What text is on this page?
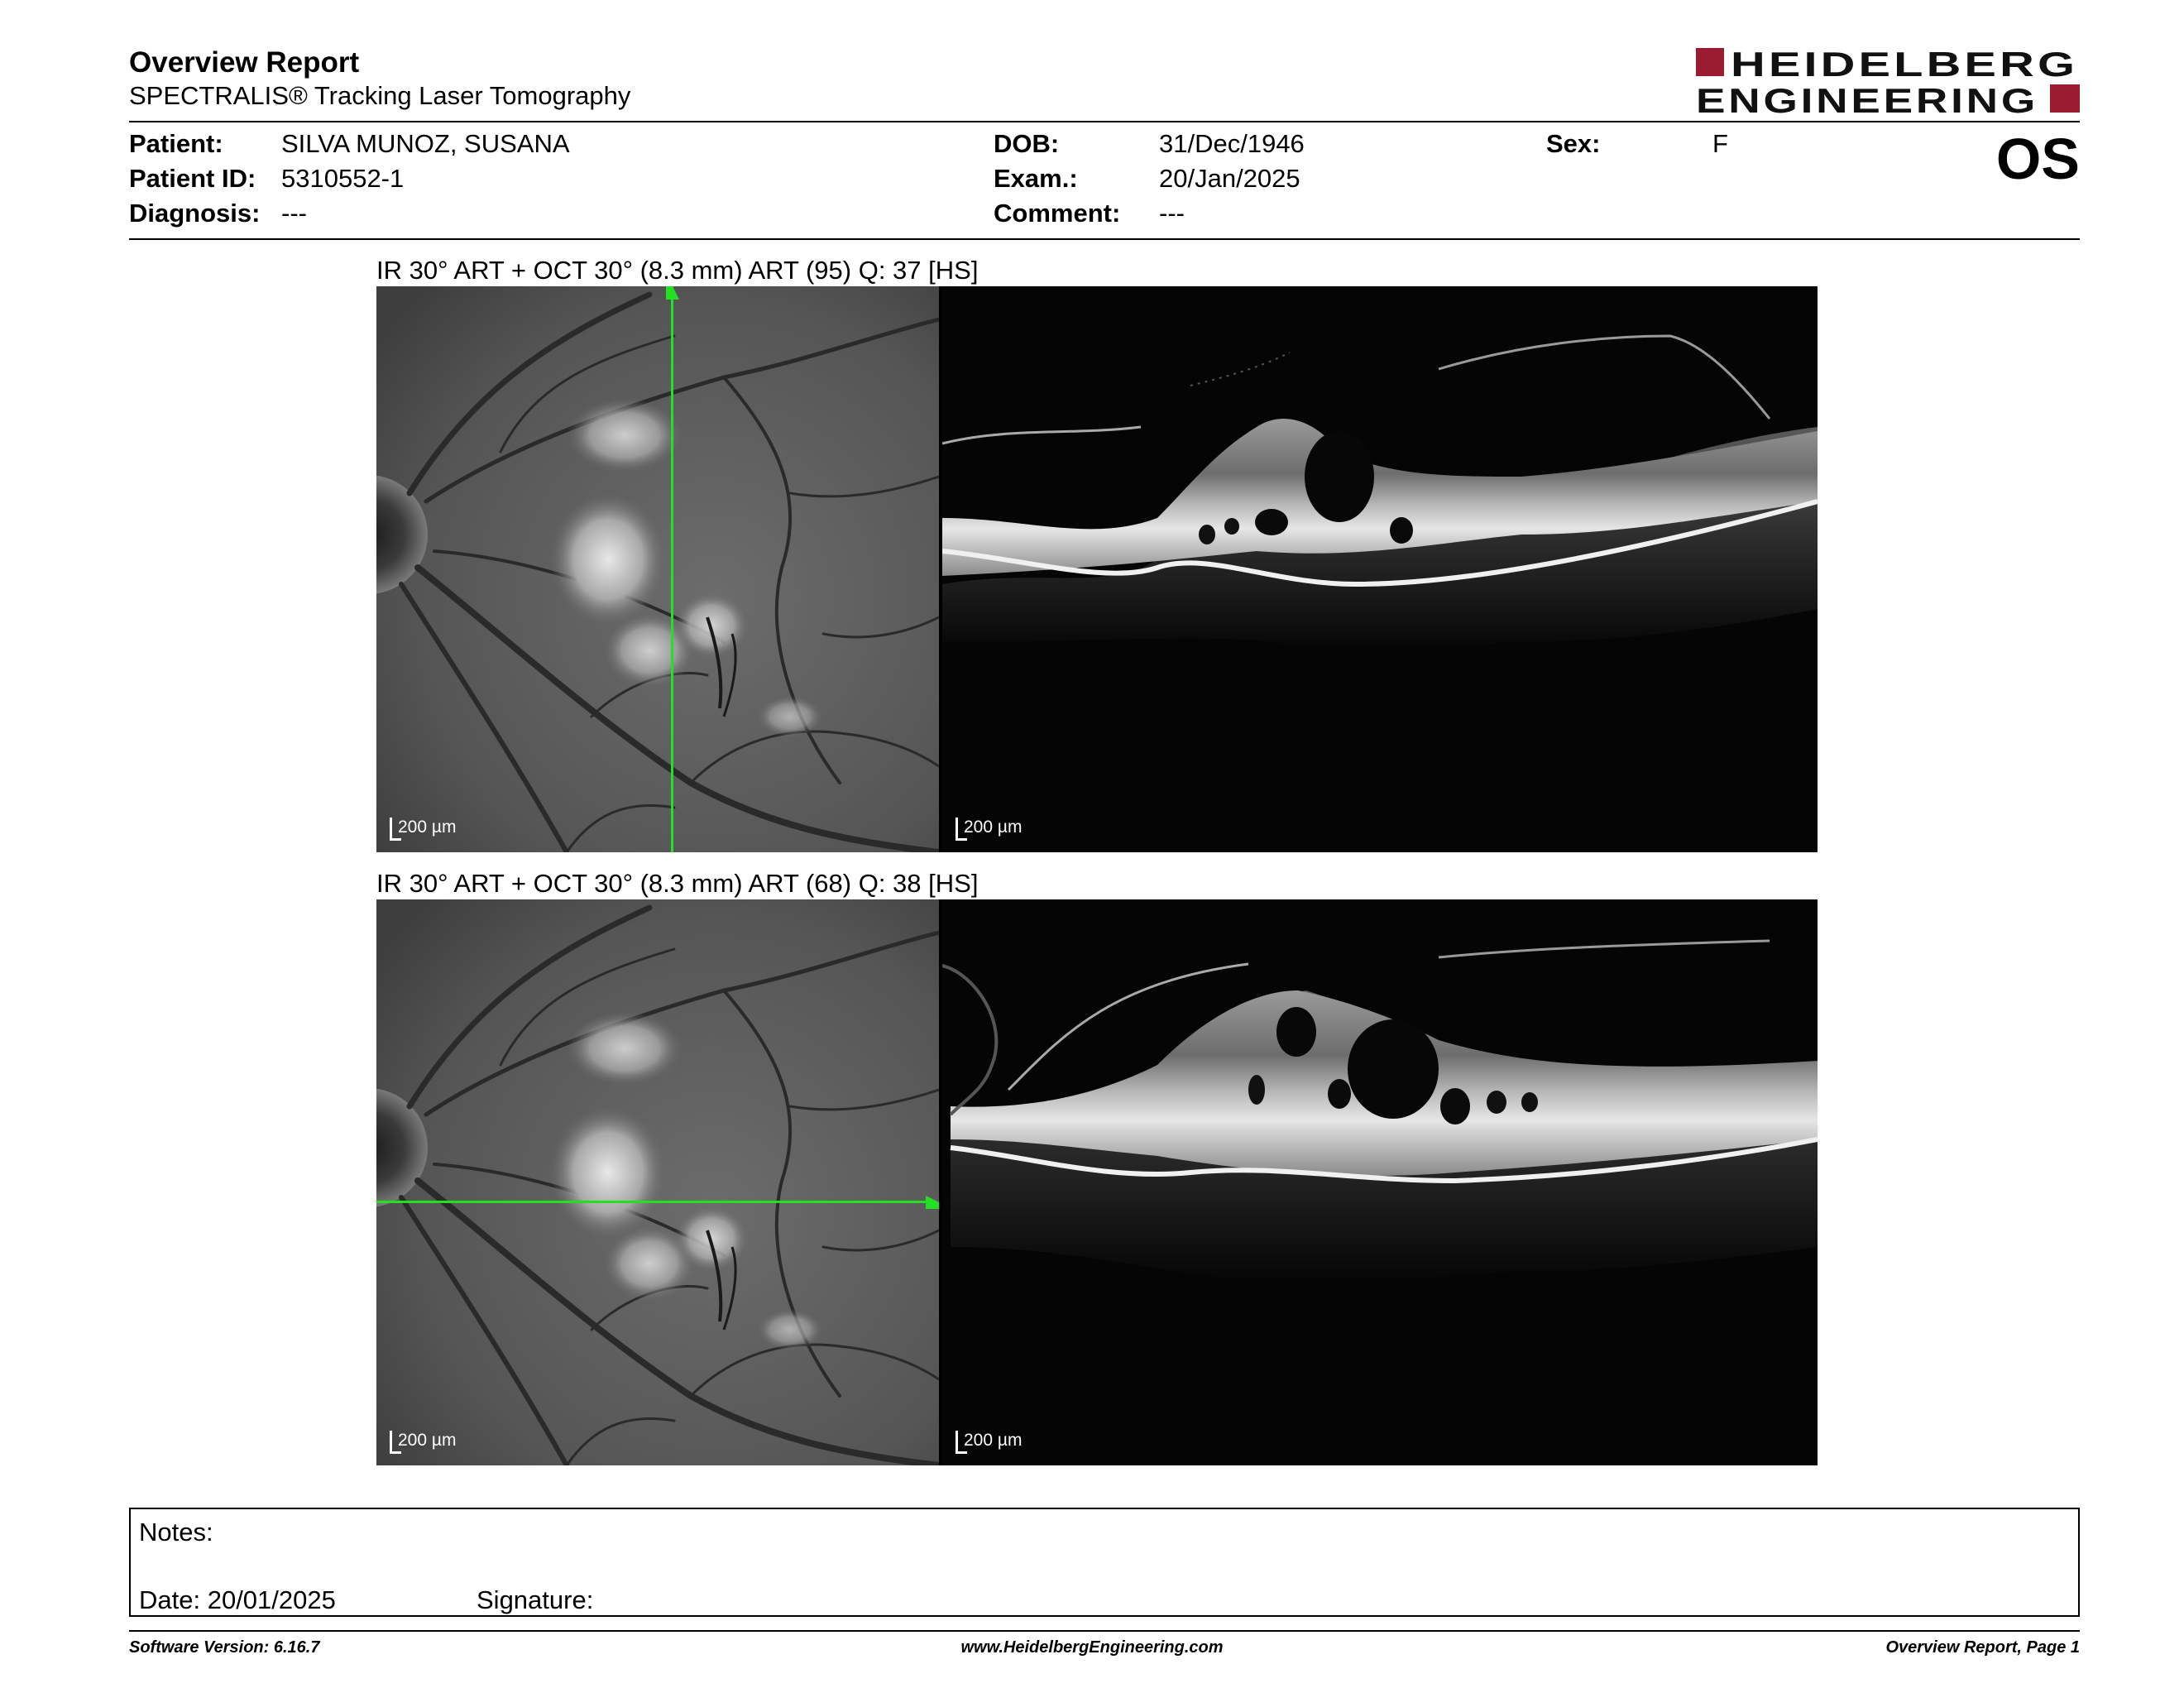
Overview Report
SPECTRALIS® Tracking Laser Tomography
HEIDELBERG
ENGINEERING
Patient: SILVA MUNOZ, SUSANA
Patient ID: 5310552-1
Diagnosis: ---
DOB:	31/Dec/1946
Exam.:	20/Jan/2025
Comment: ---
Sex:	F	OS
IR 30° ART + OCT 30° (8.3 mm) ART (95) Q: 37 [HS]
200 µm	200 µm
IR 30° ART + OCT 30° (8.3 mm) ART (68) Q: 38 [HS]
200 µm	200 µm
Notes:
Date: 20/01/2025	Signature:
Software Version: 6.16.7	www.HeidelbergEngineering.com	Overview Report, Page 1
